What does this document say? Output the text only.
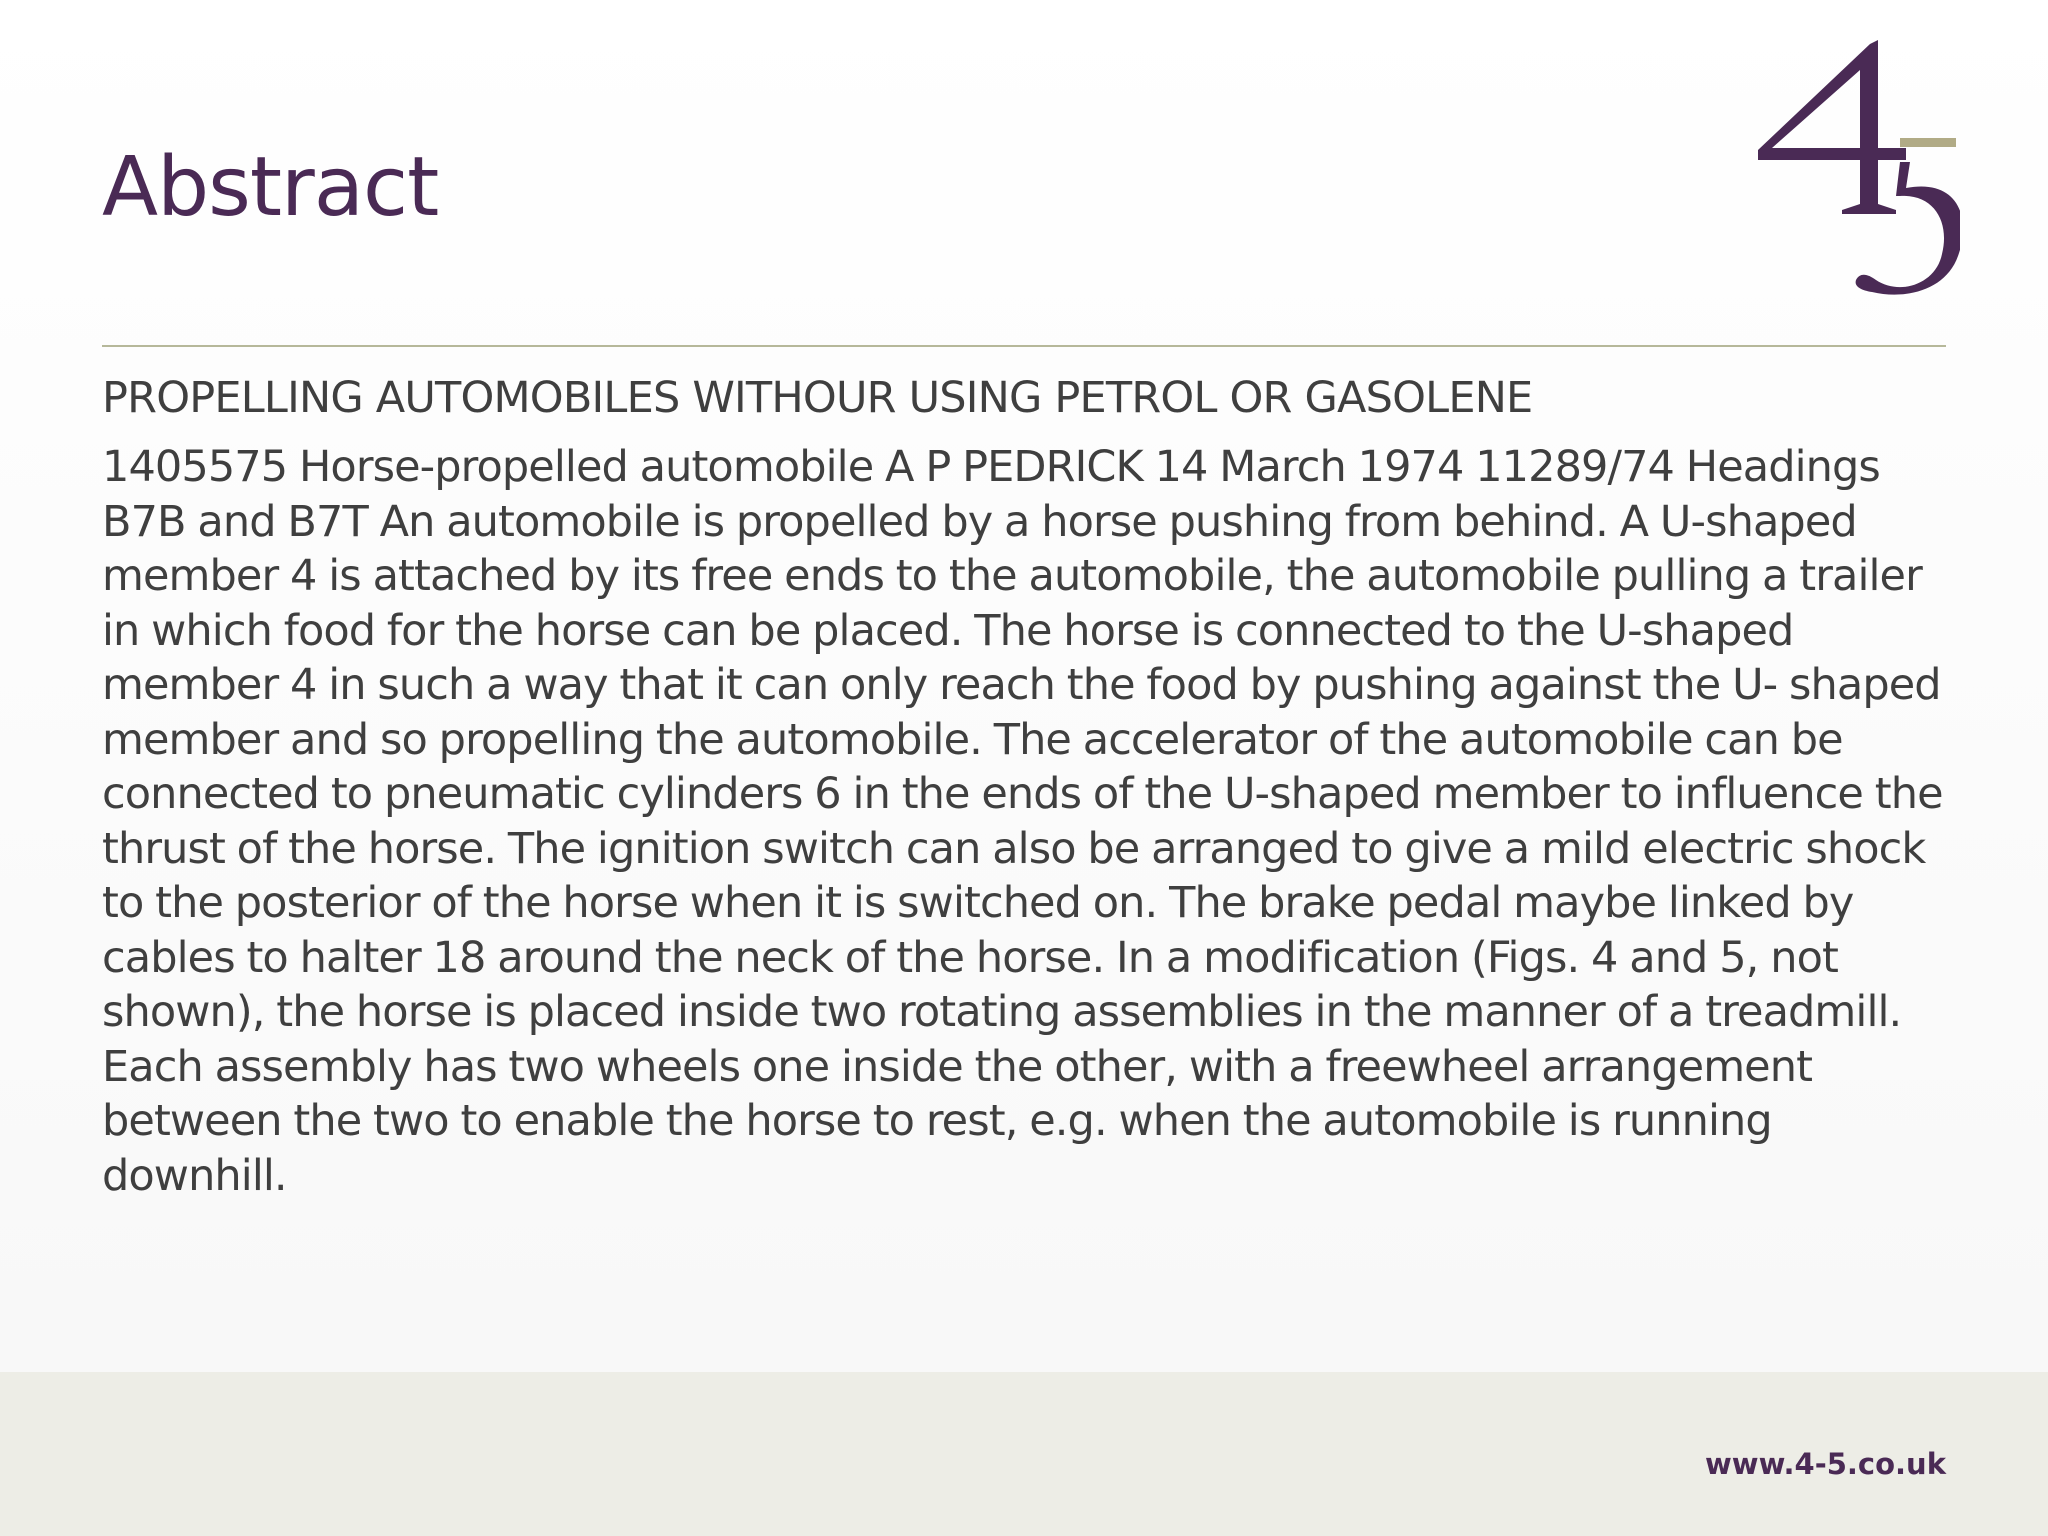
Abstract

PROPELLING AUTOMOBILES WITHOUR USING PETROL OR GASOLENE

1405575 Horse-propelled automobile A P PEDRICK 14 March 1974 11289/74 Headings B7B and B7T An automobile is propelled by a horse pushing from behind. A U-shaped member 4 is attached by its free ends to the automobile, the automobile pulling a trailer in which food for the horse can be placed. The horse is connected to the U-shaped member 4 in such a way that it can only reach the food by pushing against the U- shaped member and so propelling the automobile. The accelerator of the automobile can be connected to pneumatic cylinders 6 in the ends of the U-shaped member to influence the thrust of the horse. The ignition switch can also be arranged to give a mild electric shock to the posterior of the horse when it is switched on. The brake pedal maybe linked by cables to halter 18 around the neck of the horse. In a modification (Figs. 4 and 5, not shown), the horse is placed inside two rotating assemblies in the manner of a treadmill. Each assembly has two wheels one inside the other, with a freewheel arrangement between the two to enable the horse to rest, e.g. when the automobile is running downhill.

www.4-5.co.uk
